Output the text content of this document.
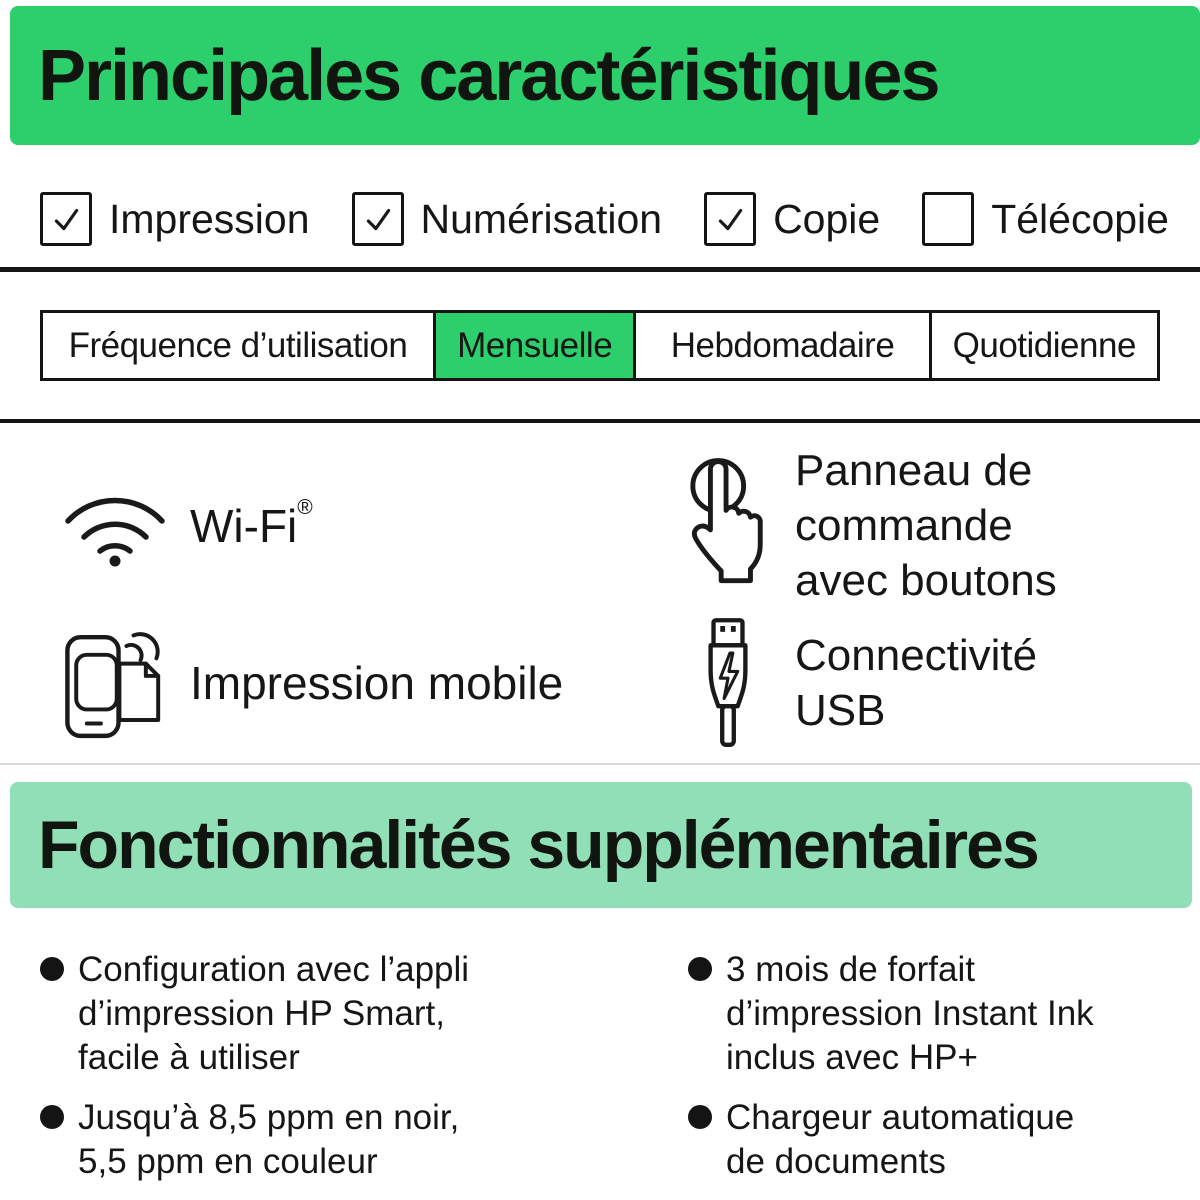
Principales caractéristiques
Impression	Numérisation	Copie	Télécopie
Fréquence d’utilisation	Mensuelle	Hebdomadaire	Quotidienne
Wi-Fi®
Panneau de
commande
avec boutons
Impression mobile
Connectivité
USB
Fonctionnalités supplémentaires
Configuration avec l’appli
d’impression HP Smart,
facile à utiliser
Jusqu’à 8,5 ppm en noir,
5,5 ppm en couleur
3 mois de forfait
d’impression Instant Ink
inclus avec HP+
Chargeur automatique
de documents
